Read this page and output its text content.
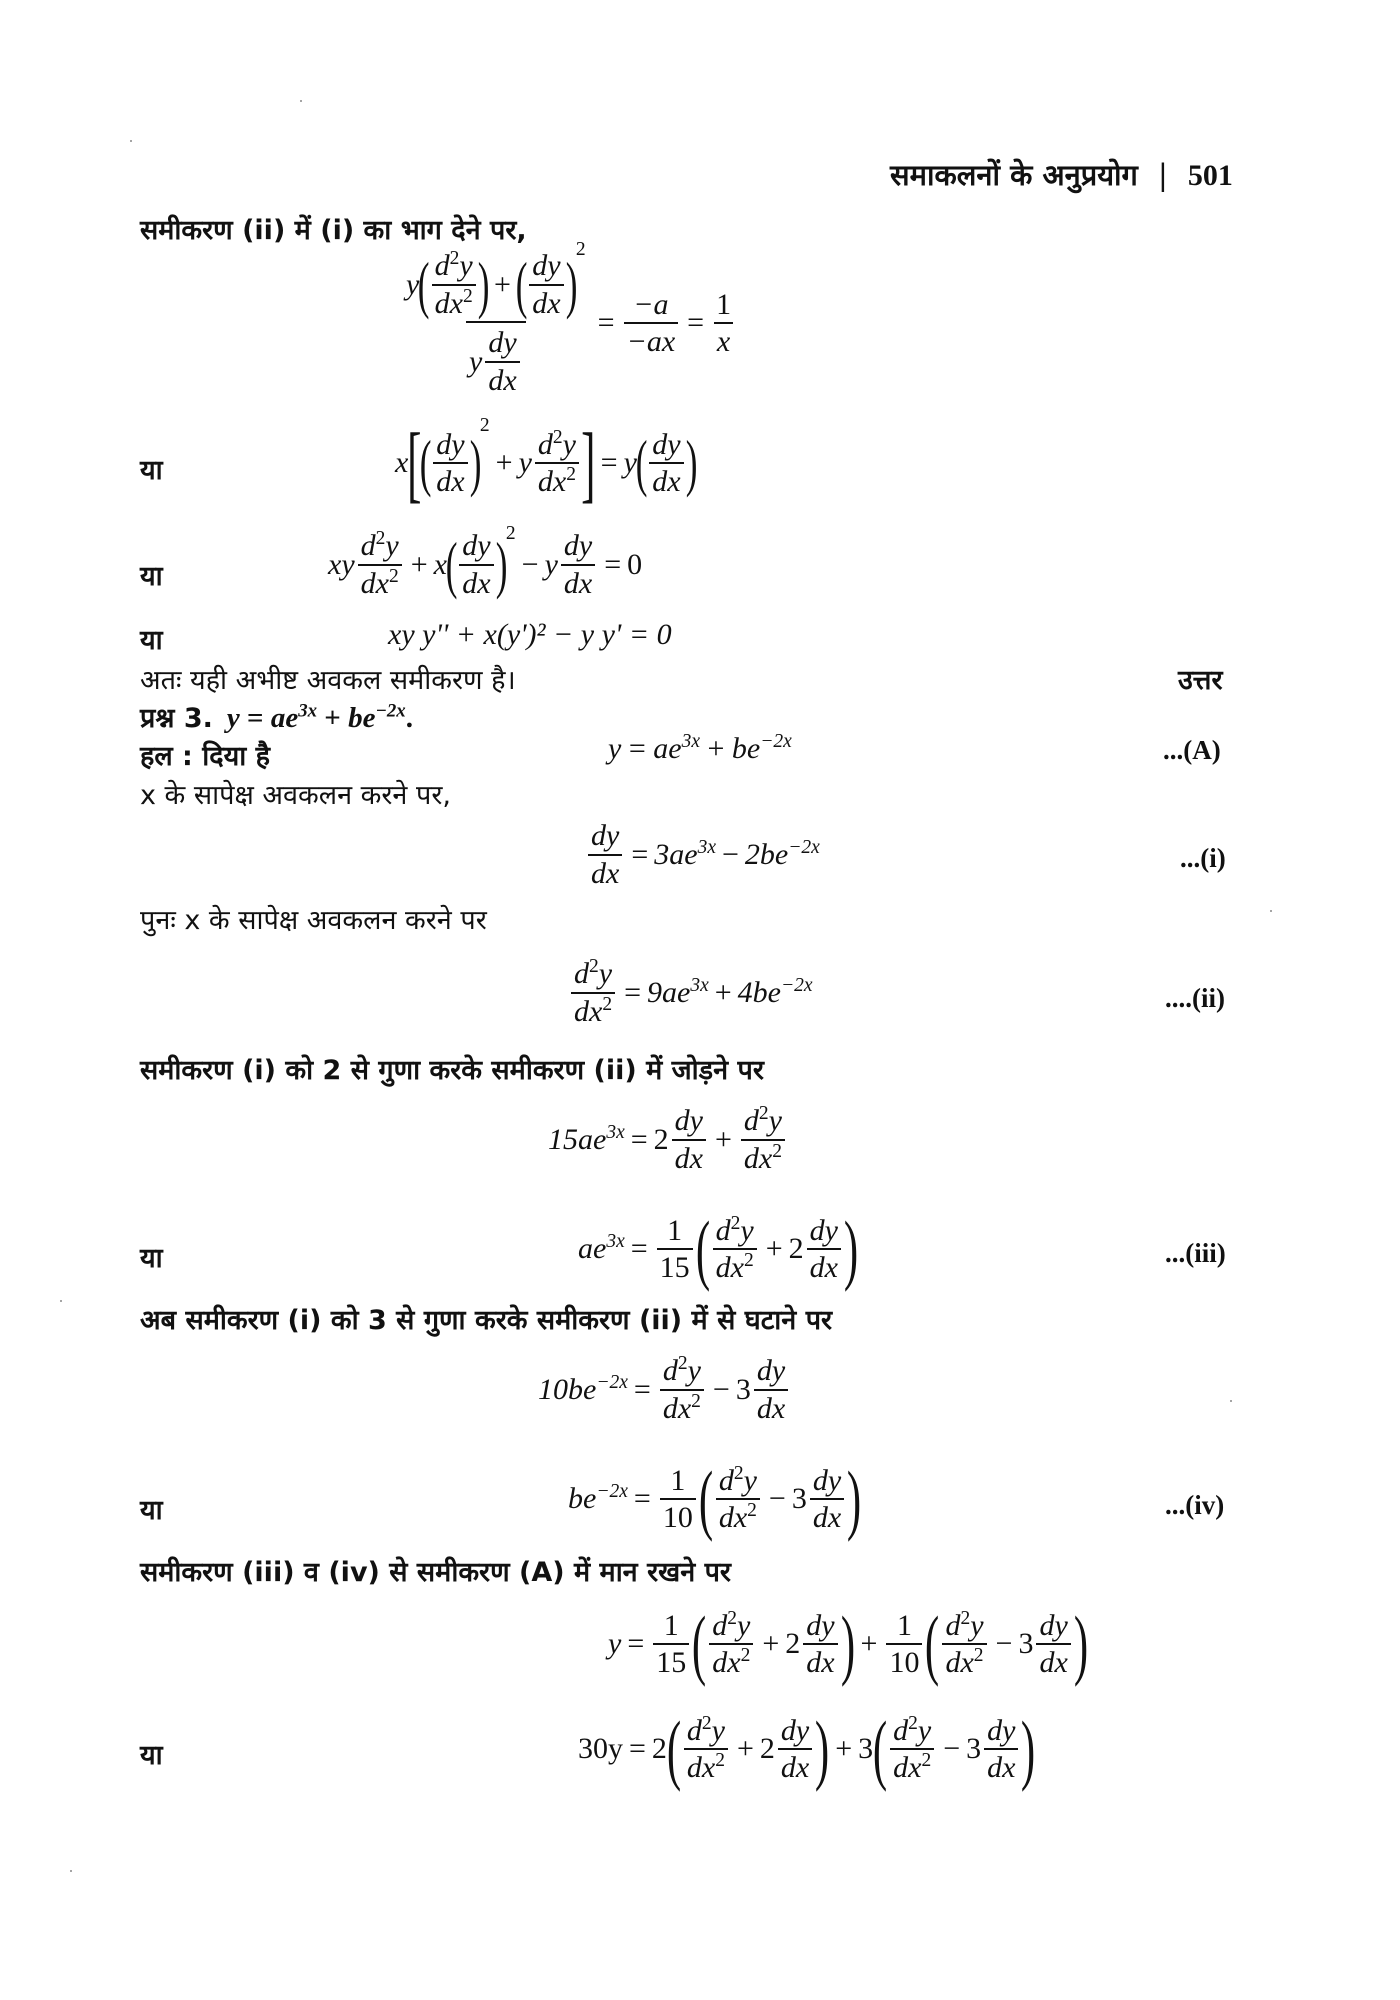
समाकलनों के अनुप्रयोग | 501
समीकरण (ii) में (i) का भाग देने पर,
y
( $\frac{d^2y}{dx^2}$ ) + ( $\frac{dy}{dx}$ )
2
y $\frac{dy}{dx}$
= $\frac{-a}{-ax} = \frac{1}{x}$
या	x [
( $\frac{dy}{dx}$ )
2
+ y $\frac{d^2y}{dx^2}$ ] = y
( $\frac{dy}{dx}$ )
या	xy $\frac{d^2y}{dx^2} + x$
( $\frac{dy}{dx}$ )
2
− y $\frac{dy}{dx} = 0$
या	xy y'' + x(y')² − y y' = 0
अतः यही अभीष्ट अवकल समीकरण है।	उत्तर
प्रश्न 3. $y = ae^{3x} + be^{-2x}$.
हल : दिया है	$y = ae^{3x} + be^{-2x}$	...(A)
x के सापेक्ष अवकलन करने पर,
$\frac{dy}{dx} = 3ae^{3x} - 2be^{-2x}$	...(i)
पुनः x के सापेक्ष अवकलन करने पर
$\frac{d^2y}{dx^2} = 9ae^{3x} + 4be^{-2x}$	....(ii)
समीकरण (i) को 2 से गुणा करके समीकरण (ii) में जोड़ने पर
$15ae^{3x} = 2 \frac{dy}{dx} + \frac{d^2y}{dx^2}$
या	$ae^{3x} = \frac{1}{15}$ ( $\frac{d^2y}{dx^2} + 2 \frac{dy}{dx}$ )	...(iii)
अब समीकरण (i) को 3 से गुणा करके समीकरण (ii) में से घटाने पर
$10be^{-2x} = \frac{d^2y}{dx^2} - 3 \frac{dy}{dx}$
या	$be^{-2x} = \frac{1}{10}$ ( $\frac{d^2y}{dx^2} - 3 \frac{dy}{dx}$ )	...(iv)
समीकरण (iii) व (iv) से समीकरण (A) में मान रखने पर
$y = \frac{1}{15}$ ( $\frac{d^2y}{dx^2} + 2 \frac{dy}{dx}$ ) + $\frac{1}{10}$ ( $\frac{d^2y}{dx^2} - 3 \frac{dy}{dx}$ )
या	30y = 2 ( $\frac{d^2y}{dx^2} + 2 \frac{dy}{dx}$ ) + 3 ( $\frac{d^2y}{dx^2} - 3 \frac{dy}{dx}$ )
